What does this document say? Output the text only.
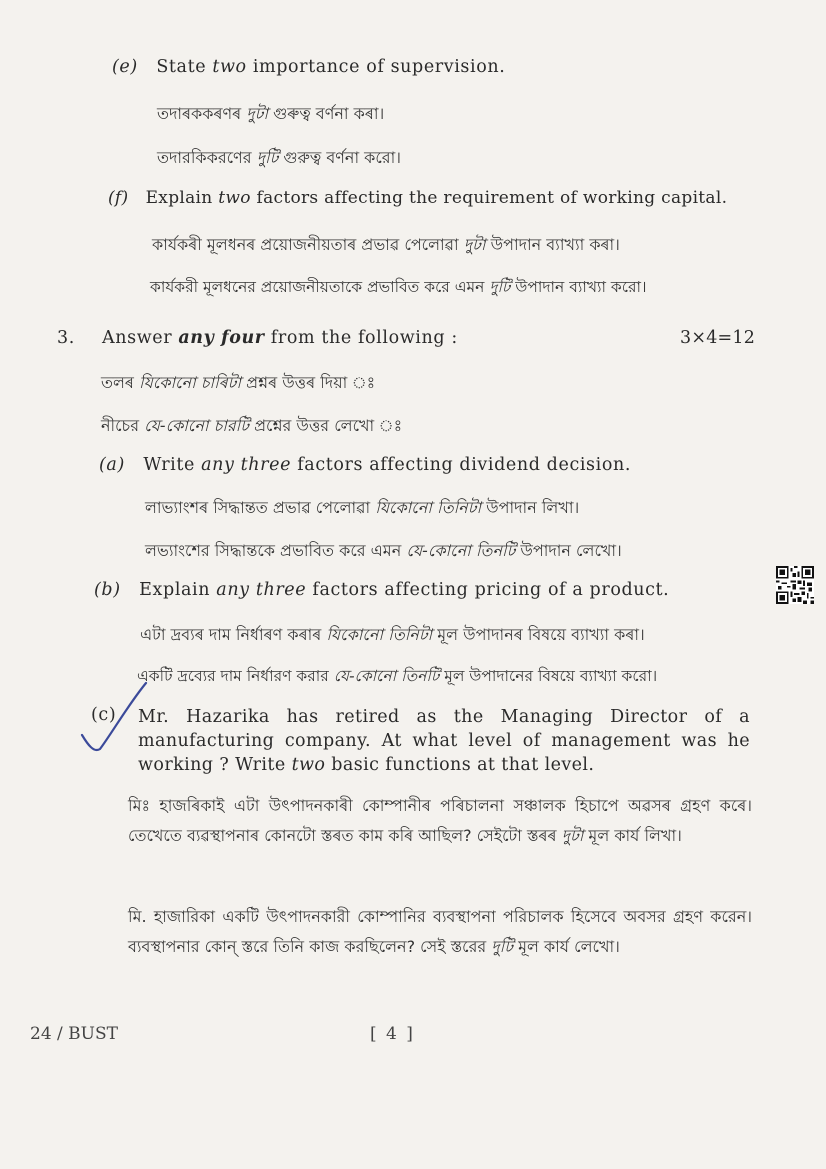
(e) State two importance of supervision.
তদাৰককৰণৰ দুটা গুৰুত্ব বৰ্ণনা কৰা।
তদারকিকরণের দুটি গুরুত্ব বর্ণনা করো।
(f) Explain two factors affecting the requirement of working capital.
কাৰ্যকৰী মূলধনৰ প্ৰয়োজনীয়তাৰ প্ৰভাৱ পেলোৱা দুটা উপাদান ব্যাখ্যা কৰা।
কার্যকরী মূলধনের প্রয়োজনীয়তাকে প্রভাবিত করে এমন দুটি উপাদান ব্যাখ্যা করো।
3. Answer any four from the following :	3×4=12
তলৰ যিকোনো চাৰিটা প্ৰশ্নৰ উত্তৰ দিয়া ঃ
নীচের যে-কোনো চারটি প্রশ্নের উত্তর লেখো ঃ
(a) Write any three factors affecting dividend decision.
লাভ্যাংশৰ সিদ্ধান্তত প্ৰভাৱ পেলোৱা যিকোনো তিনিটা উপাদান লিখা।
লভ্যাংশের সিদ্ধান্তকে প্রভাবিত করে এমন যে-কোনো তিনটি উপাদান লেখো।
(b) Explain any three factors affecting pricing of a product.
এটা দ্ৰব্যৰ দাম নিৰ্ধাৰণ কৰাৰ যিকোনো তিনিটা মূল উপাদানৰ বিষয়ে ব্যাখ্যা কৰা।
একটি দ্রব্যের দাম নির্ধারণ করার যে-কোনো তিনটি মূল উপাদানের বিষয়ে ব্যাখ্যা করো।
(c) Mr. Hazarika has retired as the Managing Director of a manufacturing company. At what level of management was he working ? Write two basic functions at that level.
মিঃ হাজৰিকাই এটা উৎপাদনকাৰী কোম্পানীৰ পৰিচালনা সঞ্চালক হিচাপে অৱসৰ গ্ৰহণ কৰে। তেখেতে ব্যৱস্থাপনাৰ কোনটো স্তৰত কাম কৰি আছিল? সেইটো স্তৰৰ দুটা মূল কাৰ্য লিখা।
মি. হাজারিকা একটি উৎপাদনকারী কোম্পানির ব্যবস্থাপনা পরিচালক হিসেবে অবসর গ্রহণ করেন। ব্যবস্থাপনার কোন্ স্তরে তিনি কাজ করছিলেন? সেই স্তরের দুটি মূল কার্য লেখো।
24 / BUST	[ 4 ]
